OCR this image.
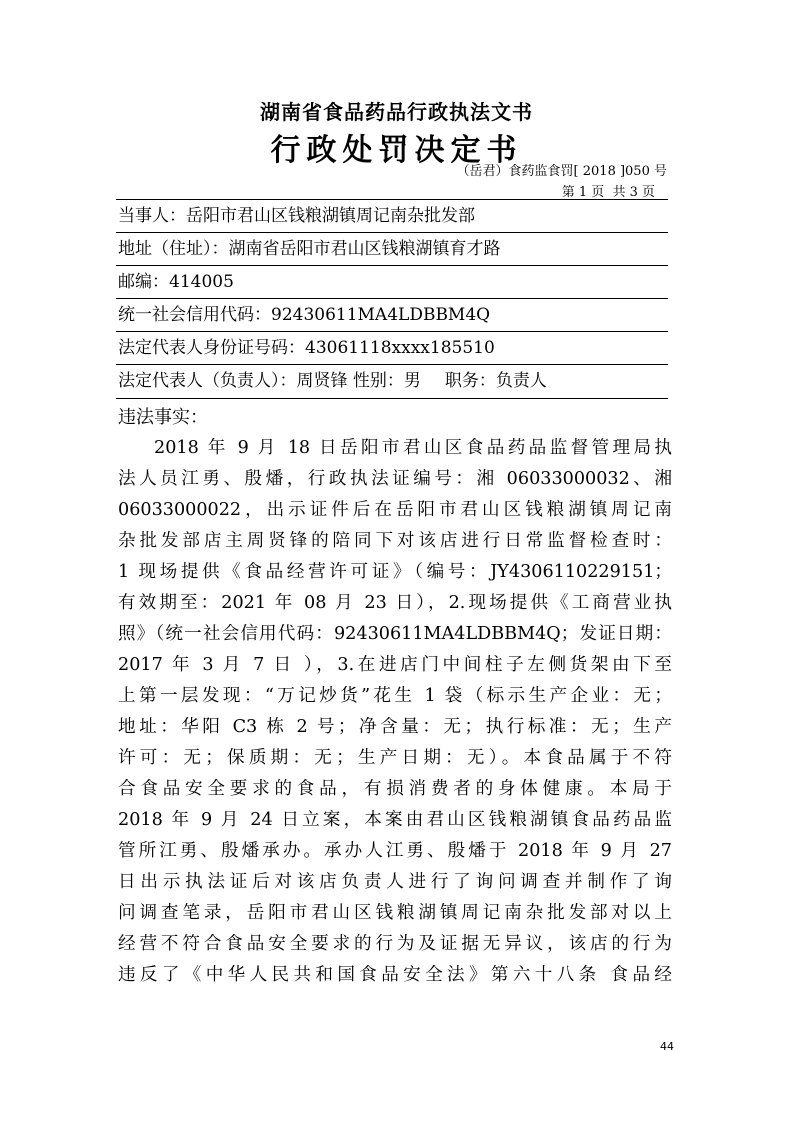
湖南省食品药品行政执法文书
行政处罚决定书
（岳君）食药监食罚[ 2018 ]050 号
第 1 页 共 3 页
当事人：岳阳市君山区钱粮湖镇周记南杂批发部
地址（住址）：湖南省岳阳市君山区钱粮湖镇育才路
邮编：414005
统一社会信用代码：92430611MA4LDBBM4Q
法定代表人身份证号码：43061118xxxx185510
法定代表人（负责人）：周贤锋 性别：男 职务：负责人
违法事实：
2018 年 9 月 18 日岳阳市君山区食品药品监督管理局执
法人员江勇、殷燔，行政执法证编号：湘 06033000032、湘
06033000022，出示证件后在岳阳市君山区钱粮湖镇周记南
杂批发部店主周贤锋的陪同下对该店进行日常监督检查时：
1 现场提供《食品经营许可证》（编号：JY4306110229151；
有效期至：2021 年 08 月 23 日），2.现场提供《工商营业执
照》（统一社会信用代码：92430611MA4LDBBM4Q；发证日期：
2017 年 3 月 7 日 ），3.在进店门中间柱子左侧货架由下至
上第一层发现：“万记炒货”花生 1 袋（标示生产企业：无；
地址：华阳 C3 栋 2 号；净含量：无；执行标准：无；生产
许可：无；保质期：无；生产日期：无）。本食品属于不符
合食品安全要求的食品，有损消费者的身体健康。本局于
2018 年 9 月 24 日立案，本案由君山区钱粮湖镇食品药品监
管所江勇、殷燔承办。承办人江勇、殷燔于 2018 年 9 月 27
日出示执法证后对该店负责人进行了询问调查并制作了询
问调查笔录，岳阳市君山区钱粮湖镇周记南杂批发部对以上
经营不符合食品安全要求的行为及证据无异议，该店的行为
违反了《中华人民共和国食品安全法》第六十八条 食品经
44
